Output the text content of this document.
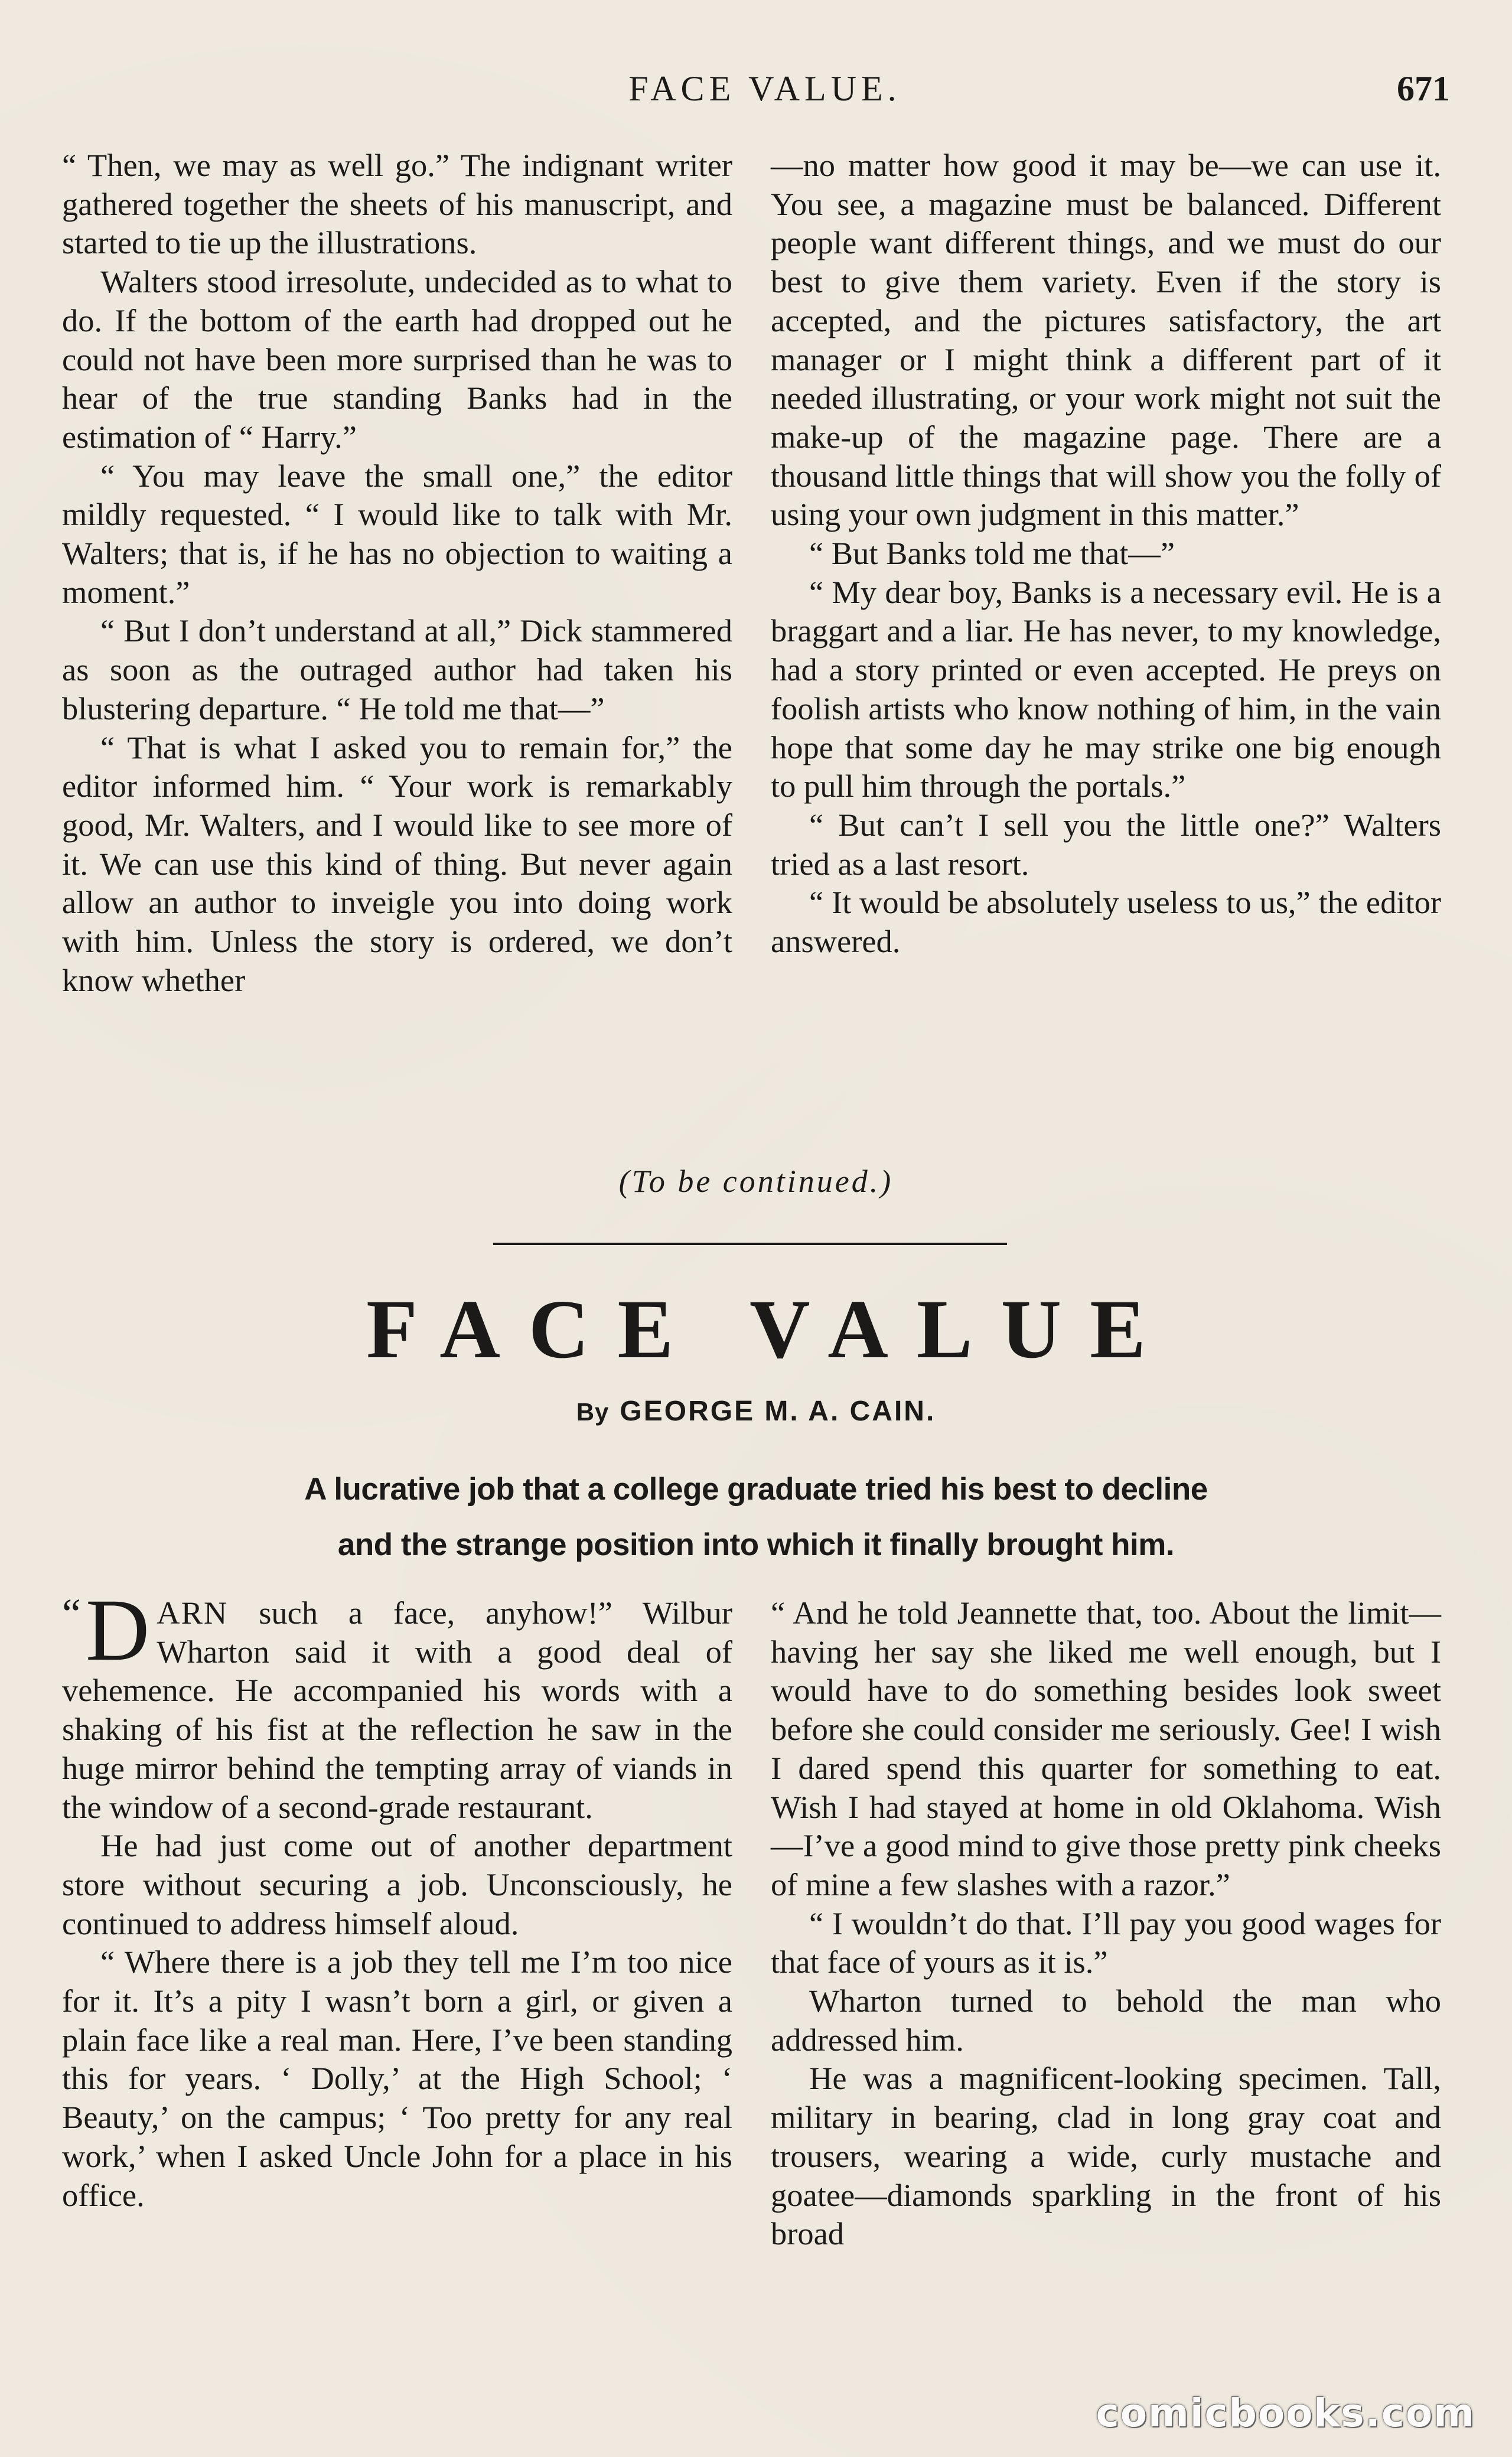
FACE VALUE.	671

“ Then, we may as well go.” The indignant writer gathered together the sheets of his manuscript, and started to tie up the illustrations.

Walters stood irresolute, undecided as to what to do. If the bottom of the earth had dropped out he could not have been more surprised than he was to hear of the true standing Banks had in the estimation of “ Harry.”

“ You may leave the small one,” the editor mildly requested. “ I would like to talk with Mr. Walters; that is, if he has no objection to waiting a moment.”

“ But I don’t understand at all,” Dick stammered as soon as the outraged author had taken his blustering departure. “ He told me that—”

“ That is what I asked you to remain for,” the editor informed him. “ Your work is remarkably good, Mr. Walters, and I would like to see more of it. We can use this kind of thing. But never again allow an author to inveigle you into doing work with him. Unless the story is ordered, we don’t know whether

—no matter how good it may be—we can use it. You see, a magazine must be balanced. Different people want different things, and we must do our best to give them variety. Even if the story is accepted, and the pictures satisfactory, the art manager or I might think a different part of it needed illustrating, or your work might not suit the make-up of the magazine page. There are a thousand little things that will show you the folly of using your own judgment in this matter.”

“ But Banks told me that—”

“ My dear boy, Banks is a necessary evil. He is a braggart and a liar. He has never, to my knowledge, had a story printed or even accepted. He preys on foolish artists who know nothing of him, in the vain hope that some day he may strike one big enough to pull him through the portals.”

“ But can’t I sell you the little one?” Walters tried as a last resort.

“ It would be absolutely useless to us,” the editor answered.

(To be continued.)
FACE VALUE
By GEORGE M. A. CAIN.
A lucrative job that a college graduate tried his best to decline
and the strange position into which it finally brought him.

“ D ARN such a face, anyhow!” Wilbur Wharton said it with a good deal of vehemence. He accompanied his words with a shaking of his fist at the reflection he saw in the huge mirror behind the tempting array of viands in the window of a second-grade restaurant.

He had just come out of another department store without securing a job. Unconsciously, he continued to address himself aloud.

“ Where there is a job they tell me I’m too nice for it. It’s a pity I wasn’t born a girl, or given a plain face like a real man. Here, I’ve been standing this for years. ‘ Dolly,’ at the High School; ‘ Beauty,’ on the campus; ‘ Too pretty for any real work,’ when I asked Uncle John for a place in his office.

“ And he told Jeannette that, too. About the limit—having her say she liked me well enough, but I would have to do something besides look sweet before she could consider me seriously. Gee! I wish I dared spend this quarter for something to eat. Wish I had stayed at home in old Oklahoma. Wish—I’ve a good mind to give those pretty pink cheeks of mine a few slashes with a razor.”

“ I wouldn’t do that. I’ll pay you good wages for that face of yours as it is.”

Wharton turned to behold the man who addressed him.

He was a magnificent-looking specimen. Tall, military in bearing, clad in long gray coat and trousers, wearing a wide, curly mustache and goatee—diamonds sparkling in the front of his broad

comicbooks.com
